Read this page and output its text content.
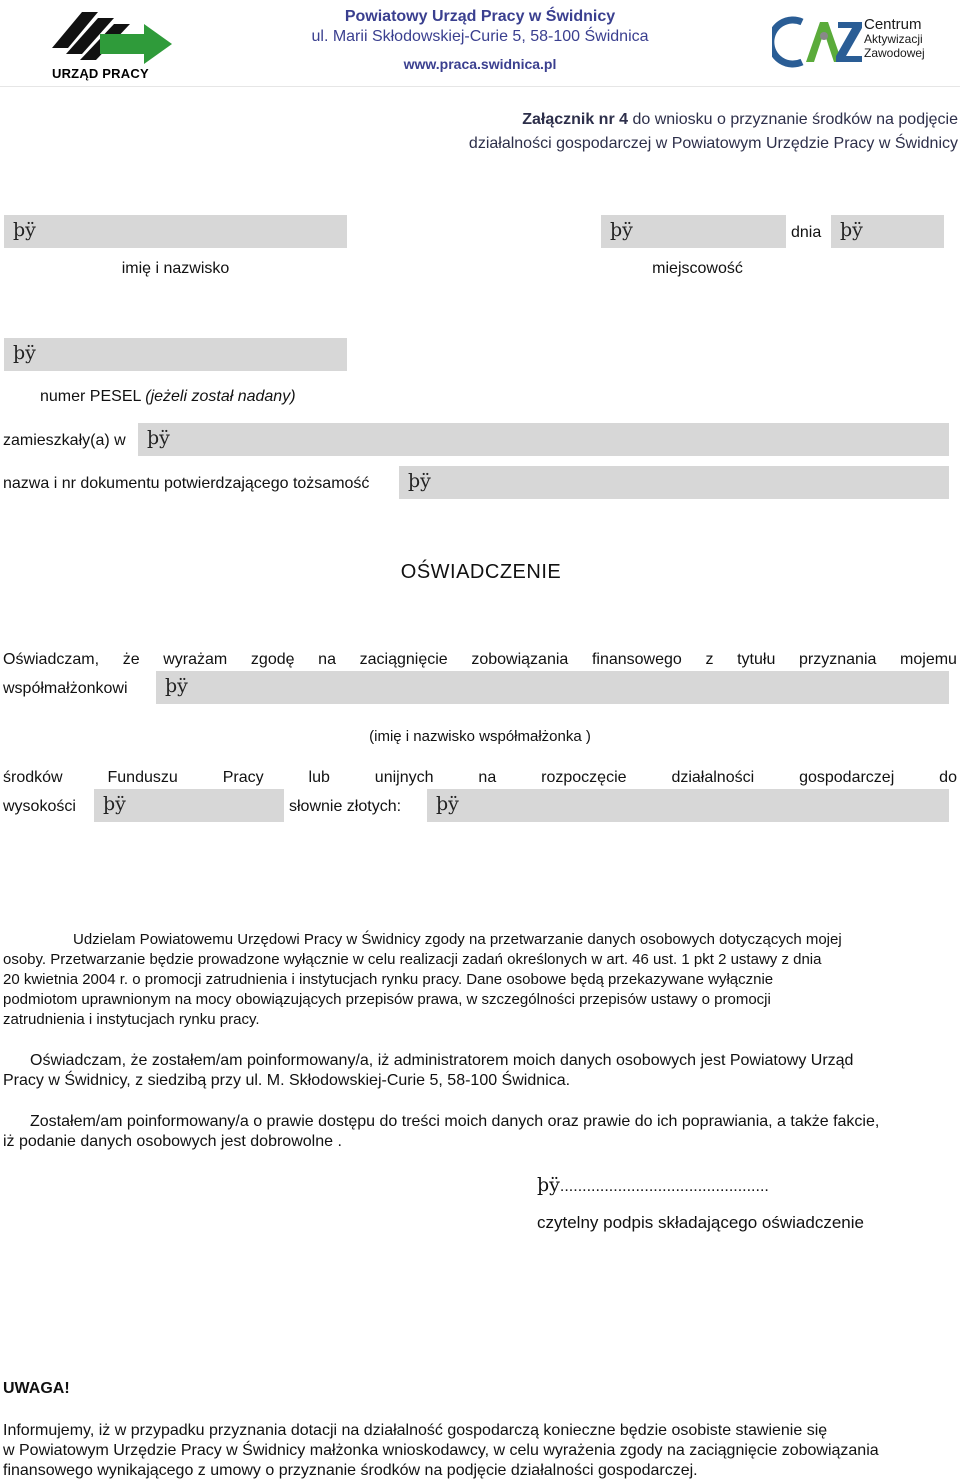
URZĄD PRACY
Powiatowy Urząd Pracy w Świdnicy
ul. Marii Skłodowskiej-Curie 5, 58-100 Świdnica
www.praca.swidnica.pl
Centrum
Aktywizacji
Zawodowej
Załącznik nr 4 do wniosku o przyznanie środków na podjęcie
działalności gospodarczej w Powiatowym Urzędzie Pracy w Świdnicy
þÿ	þÿ	dnia þÿ
imię i nazwisko	miejscowość
þÿ
numer PESEL (jeżeli został nadany)
zamieszkały(a) w þÿ
nazwa i nr dokumentu potwierdzającego tożsamość þÿ
OŚWIADCZENIE
Oświadczam, że wyrażam zgodę na zaciągnięcie zobowiązania finansowego z tytułu przyznania mojemu
współmałżonkowi þÿ
(imię i nazwisko współmałżonka )
środków	Funduszu	Pracy	lub	unijnych	na	rozpoczęcie	działalności	gospodarczej	do
wysokości þÿ	słownie złotych: þÿ
Udzielam Powiatowemu Urzędowi Pracy w Świdnicy zgody na przetwarzanie danych osobowych dotyczących mojej
osoby. Przetwarzanie będzie prowadzone wyłącznie w celu realizacji zadań określonych w art. 46 ust. 1 pkt 2 ustawy z dnia
20 kwietnia 2004 r. o promocji zatrudnienia i instytucjach rynku pracy. Dane osobowe będą przekazywane wyłącznie
podmiotom uprawnionym na mocy obowiązujących przepisów prawa, w szczególności przepisów ustawy o promocji
zatrudnienia i instytucjach rynku pracy.
Oświadczam, że zostałem/am poinformowany/a, iż administratorem moich danych osobowych jest Powiatowy Urząd
Pracy w Świdnicy, z siedzibą przy ul. M. Skłodowskiej-Curie 5, 58-100 Świdnica.
Zostałem/am poinformowany/a o prawie dostępu do treści moich danych oraz prawie do ich poprawiania, a także fakcie,
iż podanie danych osobowych jest dobrowolne .
þÿ...............................................
czytelny podpis składającego oświadczenie
UWAGA!
Informujemy, iż w przypadku przyznania dotacji na działalność gospodarczą konieczne będzie osobiste stawienie się
w Powiatowym Urzędzie Pracy w Świdnicy małżonka wnioskodawcy, w celu wyrażenia zgody na zaciągnięcie zobowiązania
finansowego wynikającego z umowy o przyznanie środków na podjęcie działalności gospodarczej.
